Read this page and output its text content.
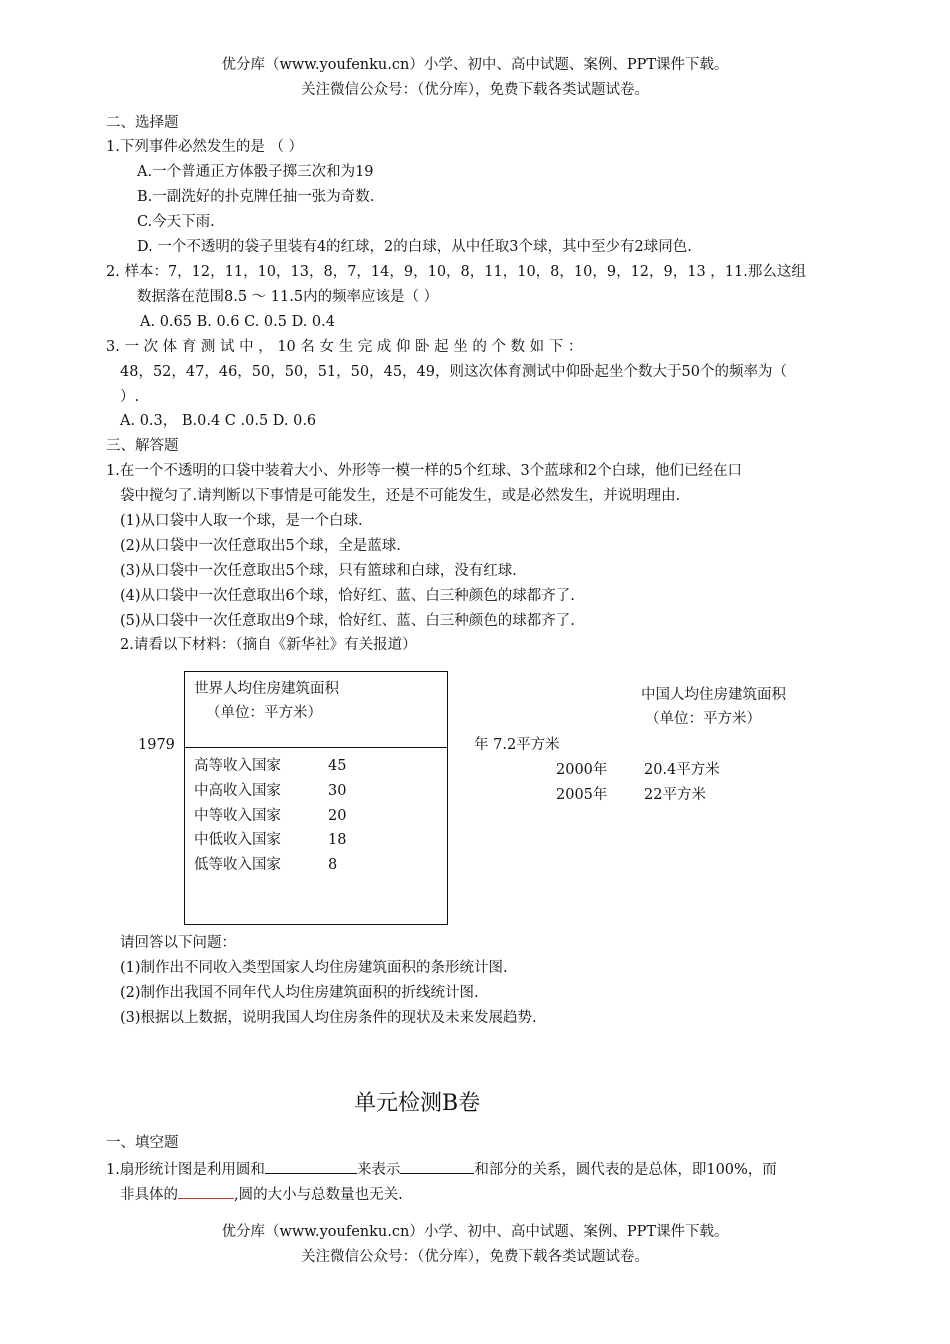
优分库（www.youfenku.cn）小学、初中、高中试题、案例、PPT课件下载。
关注微信公众号：（优分库），免费下载各类试题试卷。
二、选择题
1.下列事件必然发生的是 （ ）
A.一个普通正方体骰子掷三次和为19
B.一副洗好的扑克牌任抽一张为奇数.
C.今天下雨.
D. 一个不透明的袋子里装有4的红球，2的白球，从中任取3个球，其中至少有2球同色.
2. 样本：7，12，11，10，13，8，7，14，9，10，8，11，10，8，10，9，12，9，13 ，11.那么这组
数据落在范围8.5 ～ 11.5内的频率应该是（ ）
A. 0.65 B. 0.6 C. 0.5 D. 0.4
3. 一 次 体 育 测 试 中 ， 10 名 女 生 完 成 仰 卧 起 坐 的 个 数 如 下 ：
48，52，47，46，50，50，51，50，45，49，则这次体育测试中仰卧起坐个数大于50个的频率为（
）.
A. 0.3， B.0.4 C .0.5 D. 0.6
三、解答题
1.在一个不透明的口袋中装着大小、外形等一模一样的5个红球、3个蓝球和2个白球，他们已经在口
袋中搅匀了.请判断以下事情是可能发生，还是不可能发生，或是必然发生，并说明理由.
(1)从口袋中人取一个球，是一个白球.
(2)从口袋中一次任意取出5个球，全是蓝球.
(3)从口袋中一次任意取出5个球，只有篮球和白球，没有红球.
(4)从口袋中一次任意取出6个球，恰好红、蓝、白三种颜色的球都齐了.
(5)从口袋中一次任意取出9个球，恰好红、蓝、白三种颜色的球都齐了.
2.请看以下材料：（摘自《新华社》有关报道）
世界人均住房建筑面积
（单位：平方米）
高等收入国家	45
中高收入国家	30
中等收入国家	20
中低收入国家	18
低等收入国家	8
1979	年 7.2平方米
中国人均住房建筑面积
（单位：平方米）
2000年	20.4平方米
2005年	22平方米
请回答以下问题：
(1)制作出不同收入类型国家人均住房建筑面积的条形统计图.
(2)制作出我国不同年代人均住房建筑面积的折线统计图.
(3)根据以上数据，说明我国人均住房条件的现状及未来发展趋势.
单元检测B卷
一、填空题
1.扇形统计图是利用圆和	来表示	和部分的关系，圆代表的是总体，即100%，而
非具体的	,圆的大小与总数量也无关.
优分库（www.youfenku.cn）小学、初中、高中试题、案例、PPT课件下载。
关注微信公众号：（优分库），免费下载各类试题试卷。
